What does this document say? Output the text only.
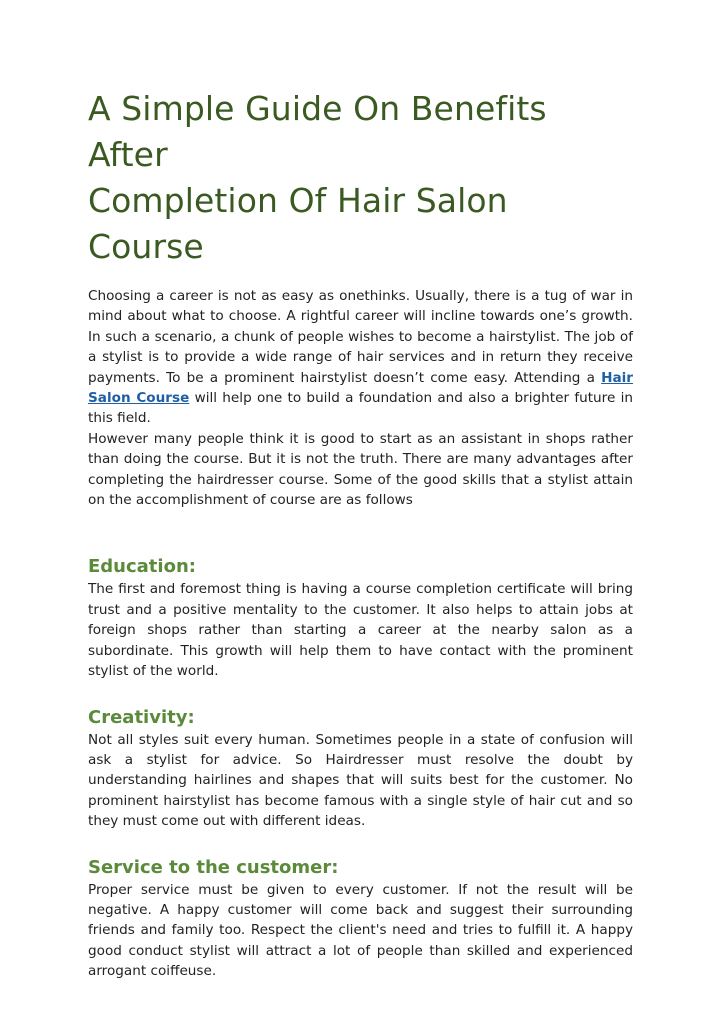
A Simple Guide On Benefits After
Completion Of Hair Salon Course

Choosing a career is not as easy as onethinks. Usually, there is a tug of war in mind about what to choose. A rightful career will incline towards one’s growth. In such a scenario, a chunk of people wishes to become a hairstylist. The job of a stylist is to provide a wide range of hair services and in return they receive payments. To be a prominent hairstylist doesn’t come easy. Attending a Hair Salon Course will help one to build a foundation and also a brighter future in this field.

However many people think it is good to start as an assistant in shops rather than doing the course. But it is not the truth. There are many advantages after completing the hairdresser course. Some of the good skills that a stylist attain on the accomplishment of course are as follows

Education:

The first and foremost thing is having a course completion certificate will bring trust and a positive mentality to the customer. It also helps to attain jobs at foreign shops rather than starting a career at the nearby salon as a subordinate. This growth will help them to have contact with the prominent stylist of the world.

Creativity:

Not all styles suit every human. Sometimes people in a state of confusion will ask a stylist for advice. So Hairdresser must resolve the doubt by understanding hairlines and shapes that will suits best for the customer. No prominent hairstylist has become famous with a single style of hair cut and so they must come out with different ideas.

Service to the customer:

Proper service must be given to every customer. If not the result will be negative. A happy customer will come back and suggest their surrounding friends and family too. Respect the client's need and tries to fulfill it. A happy good conduct stylist will attract a lot of people than skilled and experienced arrogant coiffeuse.
